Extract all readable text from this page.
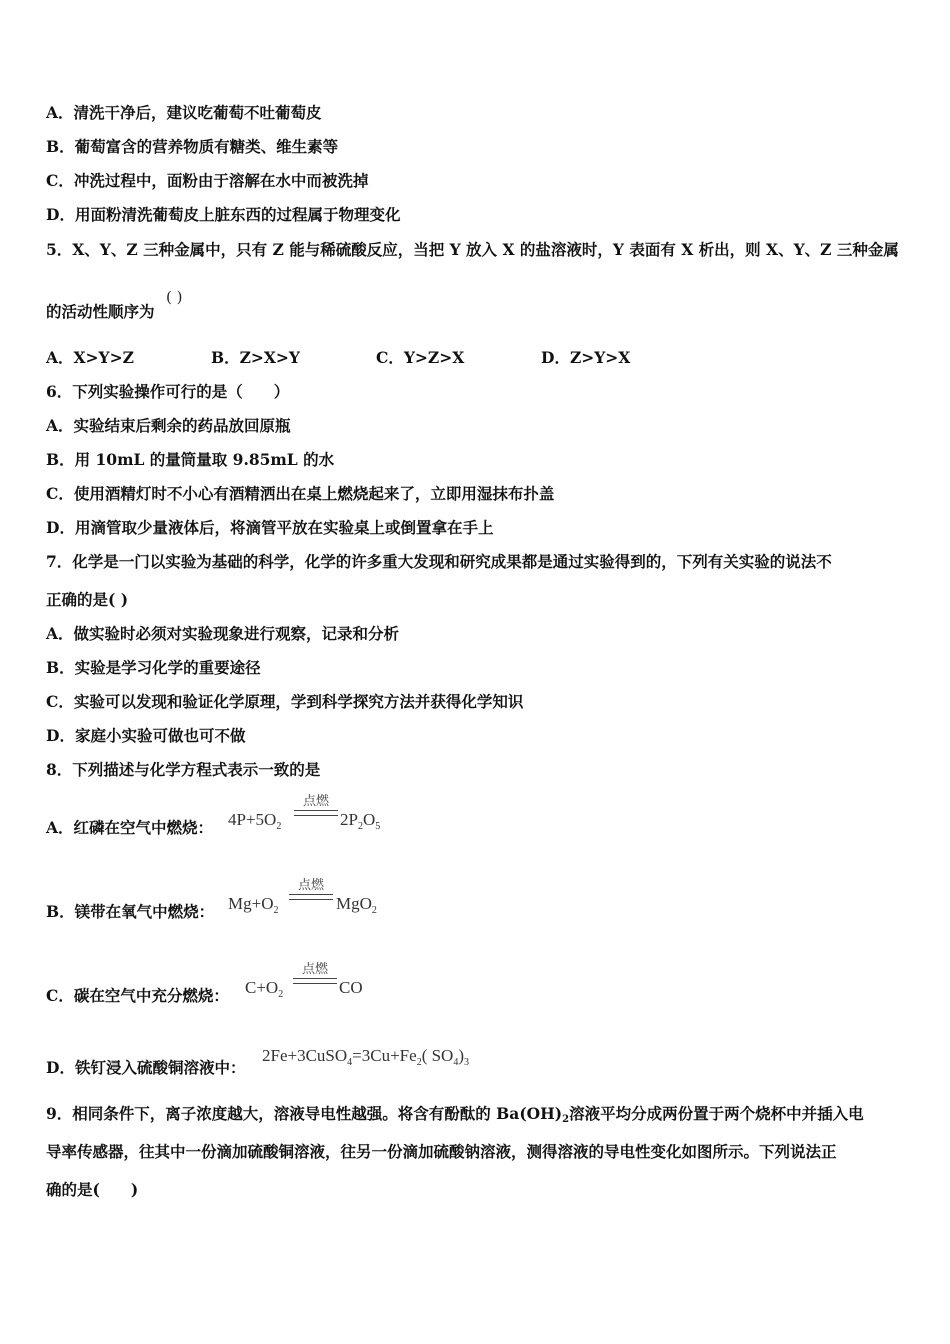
A．清洗干净后，建议吃葡萄不吐葡萄皮
B．葡萄富含的营养物质有糖类、维生素等
C．冲洗过程中，面粉由于溶解在水中而被洗掉
D．用面粉清洗葡萄皮上脏东西的过程属于物理变化
5．X、Y、Z 三种金属中，只有 Z 能与稀硫酸反应，当把 Y 放入 X 的盐溶液时，Y 表面有 X 析出，则 X、Y、Z 三种金属
的活动性顺序为
( )
A．X>Y>Z	B．Z>X>Y	C．Y>Z>X	D．Z>Y>X
6．下列实验操作可行的是（　　）
A．实验结束后剩余的药品放回原瓶
B．用 10mL 的量筒量取 9.85mL 的水
C．使用酒精灯时不小心有酒精洒出在桌上燃烧起来了，立即用湿抹布扑盖
D．用滴管取少量液体后，将滴管平放在实验桌上或倒置拿在手上
7．化学是一门以实验为基础的科学，化学的许多重大发现和研究成果都是通过实验得到的，下列有关实验的说法不
正确的是( )
A．做实验时必须对实验现象进行观察，记录和分析
B．实验是学习化学的重要途径
C．实验可以发现和验证化学原理，学到科学探究方法并获得化学知识
D．家庭小实验可做也可不做
8．下列描述与化学方程式表示一致的是
A．红磷在空气中燃烧： $4P+5O_2$
点燃
$2P_2O_5$
B．镁带在氧气中燃烧： $Mg+O_2$
点燃
MgO$_2$
C．碳在空气中充分燃烧： $C+O_2$
点燃
CO
D．铁钉浸入硫酸铜溶液中：
$2Fe+3CuSO_4=3Cu+Fe_2$( $SO_4)_3$
9．相同条件下，离子浓度越大，溶液导电性越强。将含有酚酞的 Ba(OH)2溶液平均分成两份置于两个烧杯中并插入电
导率传感器，往其中一份滴加硫酸铜溶液，往另一份滴加硫酸钠溶液，测得溶液的导电性变化如图所示。下列说法正
确的是(　　)
